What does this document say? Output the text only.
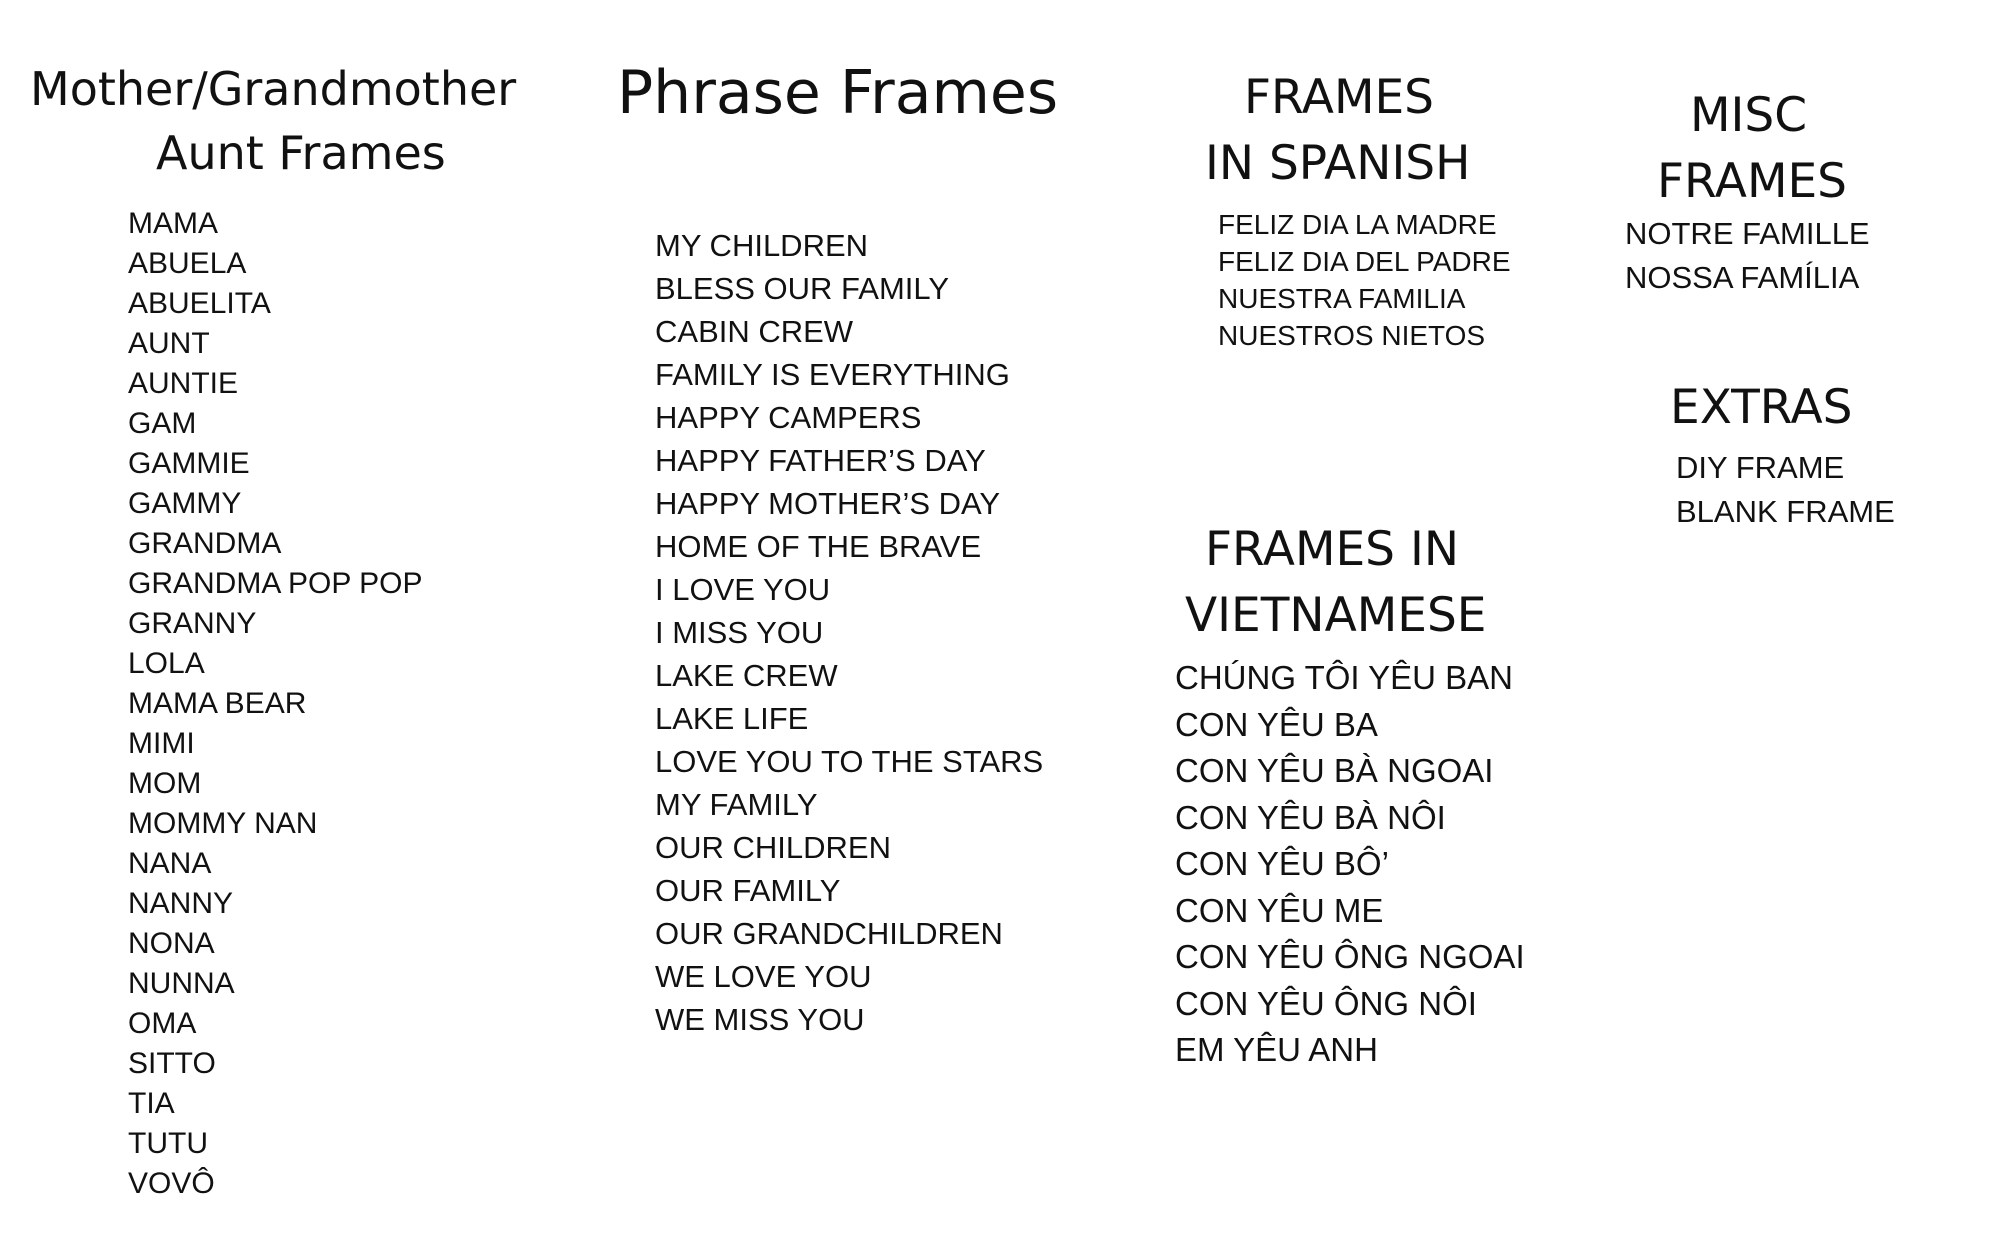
Mother/Grandmother
Aunt Frames
MAMA
ABUELA
ABUELITA
AUNT
AUNTIE
GAM
GAMMIE
GAMMY
GRANDMA
GRANDMA POP POP
GRANNY
LOLA
MAMA BEAR
MIMI
MOM
MOMMY NAN
NANA
NANNY
NONA
NUNNA
OMA
SITTO
TIA
TUTU
VOVÔ
Phrase Frames
MY CHILDREN
BLESS OUR FAMILY
CABIN CREW
FAMILY IS EVERYTHING
HAPPY CAMPERS
HAPPY FATHER’S DAY
HAPPY MOTHER’S DAY
HOME OF THE BRAVE
I LOVE YOU
I MISS YOU
LAKE CREW
LAKE LIFE
LOVE YOU TO THE STARS
MY FAMILY
OUR CHILDREN
OUR FAMILY
OUR GRANDCHILDREN
WE LOVE YOU
WE MISS YOU
FRAMES
IN SPANISH
FELIZ DIA LA MADRE
FELIZ DIA DEL PADRE
NUESTRA FAMILIA
NUESTROS NIETOS
FRAMES IN
VIETNAMESE
CHÚNG TÔI YÊU BAN
CON YÊU BA
CON YÊU BÀ NGOAI
CON YÊU BÀ NÔI
CON YÊU BÔ’
CON YÊU ME
CON YÊU ÔNG NGOAI
CON YÊU ÔNG NÔI
EM YÊU ANH
MISC
FRAMES
NOTRE FAMILLE
NOSSA FAMÍLIA
EXTRAS
DIY FRAME
BLANK FRAME
